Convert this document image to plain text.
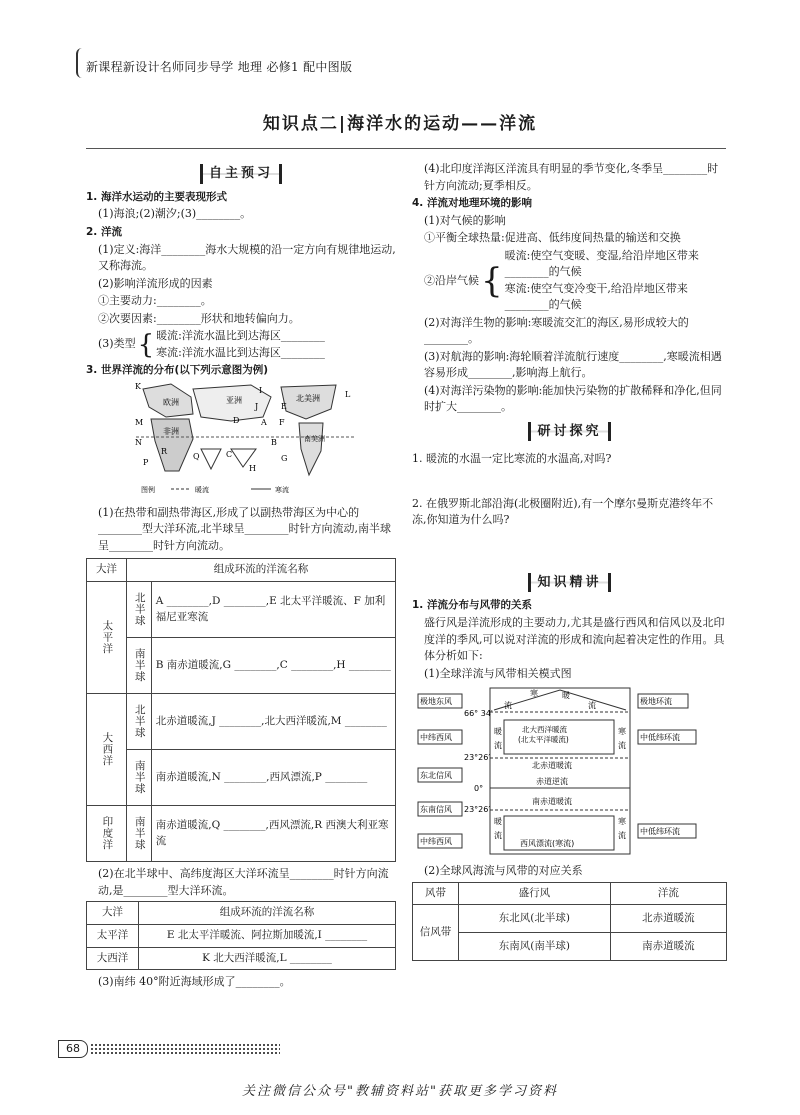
新课程新设计名师同步导学 地理 必修1 配中图版
知识点二|海洋水的运动——洋流
自主预习
1. 海洋水运动的主要表现形式

(1)海浪;(2)潮汐;(3)________。

2. 洋流

(1)定义:海洋________海水大规模的沿一定方向有规律地运动,又称海流。

(2)影响洋流形成的因素

①主要动力:________。

②次要因素:________形状和地转偏向力。

(3)类型 { 暖流:洋流水温比到达海区________
寒流:洋流水温比到达海区________
3. 世界洋流的分布(以下列示意图为例)
欧洲	亚洲	北美洲
非洲
南美洲
K
L
M
N
P
Q
R
A
B
C
D
E
F
G
H
I
J
图例	暖流	寒流

(1)在热带和副热带海区,形成了以副热带海区为中心的________型大洋环流,北半球呈________时针方向流动,南半球呈________时针方向流动。

大洋	组成环流的洋流名称	
太平洋	北半球	A ________,D ________,E 北太平洋暖流、F 加利福尼亚寒流
	南半球	B 南赤道暖流,G ________,C ________,H ________
大西洋	北半球	北赤道暖流,J ________,北大西洋暖流,M ________
	南半球	南赤道暖流,N ________,西风漂流,P ________
印度洋	南半球	南赤道暖流,Q ________,西风漂流,R 西澳大利亚寒流

(2)在北半球中、高纬度海区大洋环流呈________时针方向流动,是________型大洋环流。

大洋	组成环流的洋流名称
太平洋	E 北太平洋暖流、阿拉斯加暖流,I ________
大西洋	K 北大西洋暖流,L ________

(3)南纬 40°附近海域形成了________。

(4)北印度洋海区洋流具有明显的季节变化,冬季呈________时针方向流动;夏季相反。

4. 洋流对地理环境的影响

(1)对气候的影响

①平衡全球热量:促进高、低纬度间热量的输送和交换

②沿岸气候 {
暖流:使空气变暖、变湿,给沿岸地区带来________的气候
寒流:使空气变冷变干,给沿岸地区带来________的气候

(2)对海洋生物的影响:寒暖流交汇的海区,易形成较大的________。

(3)对航海的影响:海轮顺着洋流航行速度________,寒暖流相遇容易形成________,影响海上航行。

(4)对海洋污染物的影响:能加快污染物的扩散稀释和净化,但同时扩大________。

研讨探究

1. 暖流的水温一定比寒流的水温高,对吗?

2. 在俄罗斯北部沿海(北极圈附近),有一个摩尔曼斯克港终年不冻,你知道为什么吗?

知识精讲
1. 洋流分布与风带的关系

盛行风是洋流形成的主要动力,尤其是盛行西风和信风以及北印度洋的季风,可以说对洋流的形成和流向起着决定性的作用。具体分析如下:

(1)全球洋流与风带相关模式图

极地东风
中纬西风
东北信风
东南信风
中纬西风
66° 34′
23°26′
0°
23°26′
极地环流
中低纬环流
中低纬环流
寒
流
暖
流
北大西洋暖流
(北太平洋暖流)
暖
流
寒
流
北赤道暖流
赤道逆流
南赤道暖流
暖
流
寒
流
西风漂流(寒流)

(2)全球风海流与风带的对应关系

风带	盛行风	洋流
信风带	东北风(北半球)	北赤道暖流
	东南风(南半球)	南赤道暖流
68
关注微信公众号"教辅资料站"获取更多学习资料
